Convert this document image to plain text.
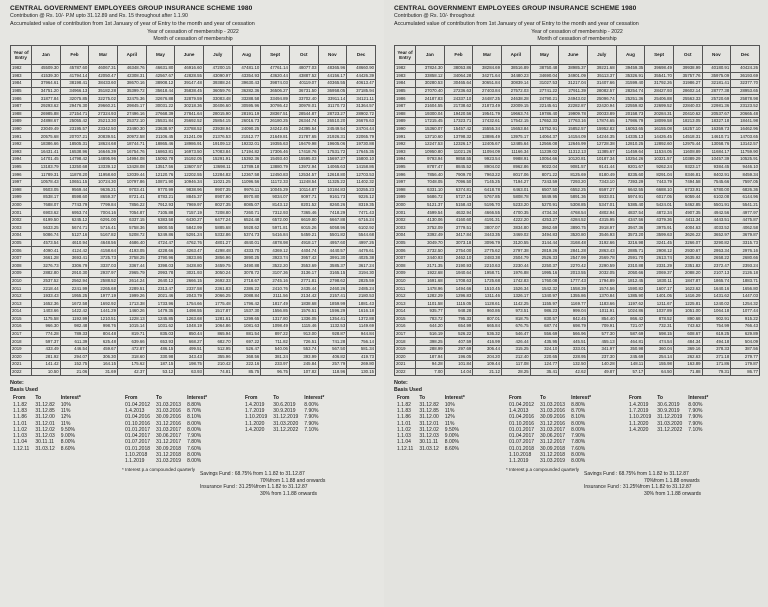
CENTRAL GOVERNMENT EMPLOYEES GROUP INSURANCE SCHEME 1980
Contribution @ Rs. 10/- P.M upto 31.12.89 and Rs. 15 throughout after 1.1.90
Accumulated value of contribution from 1st January of year of Entry to the month and year of cessation
Year of cessation of membership - 2022
Month of cessation of membership
Year of Entry	Jan	Feb	Mar	April	May	June	July	Aug	Sept	Oct	Nov	Dec
1982	45509.30	45787.60	46067.31	46348.76	46631.80	46916.60	47200.15	47481.10	47761.14	48077.03	48365.96	48660.90
1983	41539.30	41794.14	42050.47	42308.31	42567.67	42828.55	43090.97	43354.93	43620.44	43887.52	44156.17	44426.39
1984	37964.61	38198.41	38433.60	38670.16	38908.12	39147.48	39388.24	39630.43	39874.03	40119.07	40365.55	40613.47
1985	34751.20	34966.13	35182.28	35399.72	35618.44	35838.45	36059.76	36282.36	36506.27	36731.50	36958.05	37185.94
1986	31877.84	32075.85	32275.02	32475.36	32676.88	32879.59	33083.48	33288.58	33494.89	33702.40	33911.14	34121.11
1987	29293.62	29476.30	29660.21	29845.17	30031.22	30218.36	30406.60	30595.96	30786.42	30978.01	31170.72	31364.57
1988	26985.88	27154.71	27324.93	27496.16	27668.39	27841.64	28015.90	28191.19	28367.51	28544.87	28723.27	28902.72
1989	24898.67	25055.42	25213.30	25372.10	25531.84	25692.52	25854.15	26016.73	26180.25	26344.74	26510.20	26676.63
1990	23049.49	23195.57	23342.50	23490.30	23638.97	23788.52	23938.94	24090.25	24242.45	24395.54	24549.54	24704.44
1991	20575.68	20707.21	20839.51	20972.58	21106.45	21241.09	21376.53	21512.77	21649.81	21787.65	21926.31	22065.79
1992	18386.66	18505.31	18624.68	18744.71	18865.46	18986.91	19109.12	19232.01	19355.63	19479.98	19605.06	19730.88
1993	16431.41	16538.96	16646.39	16754.76	16863.81	16973.50	17083.84	17194.82	17306.46	17418.76	17531.72	17645.35
1994	14701.45	14798.42	14895.96	14994.08	15092.78	15192.05	15291.91	15392.36	15493.40	15595.03	15697.27	15800.10
1995	13183.79	13250.68	13339.12	13428.08	13517.56	13607.57	13698.11	13789.18	13880.79	13972.94	14065.63	14158.86
1996	11789.31	11878.20	11958.60	12039.44	12120.76	12202.55	12284.82	12367.58	12450.83	12534.57	12618.80	12703.53
1997	10578.43	10651.15	10724.30	10797.86	10871.90	10946.34	11021.25	11096.56	11172.33	11248.54	11325.22	11402.32
1998	9503.05	9569.44	9636.21	9703.41	9770.99	9838.96	9907.35	9976.11	10045.29	10114.87	10184.83	10255.23
1999	8538.17	8598.60	8659.37	8721.41	8783.21	8845.37	8907.90	8970.80	9034.07	9097.71	9161.73	9226.12
2000	7688.07	7743.79	7799.84	7856.22	7912.93	7969.97	8027.35	8085.07	8143.12	8201.52	8260.26	8319.35
2001	6903.62	6953.74	7004.16	7054.87	7105.88	7157.19	7208.80	7260.71	7312.93	7365.46	7418.29	7471.43
2002	6199.50	6245.12	6291.00	6337.15	6383.58	6430.27	6477.24	6524.48	6572.00	6619.80	6667.88	6716.24
2003	5633.25	5674.71	5716.41	5758.36	5800.55	5842.99	5885.68	5928.62	5971.81	6015.26	6058.96	6102.92
2004	5086.74	5127.16	5167.82	5208.72	5249.86	5291.24	5332.86	5374.73	5416.84	5459.21	5501.82	5544.68
2005	4573.54	4610.94	4648.56	4686.40	4724.47	4762.76	4801.27	4840.01	4878.98	4918.17	4957.60	4997.26
2006	4090.41	4124.42	4158.64	4193.05	4228.66	4263.47	4298.48	4333.70	4369.12	4404.74	4440.57	4476.61
2007	3661.28	3693.41	3725.73	3758.25	3790.96	3823.86	3856.96	3890.25	3923.74	3957.42	3991.30	4025.38
2008	3276.73	3306.79	3337.03	3367.44	3398.03	3428.80	3459.75	3490.88	3522.20	3553.69	3585.37	3617.24
2009	2882.80	2910.30	2937.97	2965.79	2993.78	3021.93	3050.24	3078.72	3107.36	3136.17	3165.15	3194.30
2010	2537.52	2562.94	2588.52	2614.24	2640.12	2666.15	2692.33	2718.67	2745.16	2771.81	2798.62	2825.59
2011	2218.44	2241.99	2265.68	2289.51	2313.47	2337.58	2361.83	2386.22	2410.76	2435.44	2460.26	2485.24
2012	1933.43	1955.25	1977.19	1999.26	2021.46	2043.79	2066.25	2088.84	2111.56	2134.42	2157.41	2180.53
2013	1652.36	1672.58	1692.92	1713.38	1733.96	1754.66	1775.48	1796.42	1817.49	1838.68	1859.99	1881.43
2014	1403.66	1422.42	1441.29	1460.26	1479.35	1498.55	1517.87	1537.30	1556.85	1576.51	1596.29	1616.18
2015	1175.58	1192.99	1210.51	1228.13	1245.85	1263.68	1281.61	1299.65	1317.80	1336.05	1354.41	1372.88
2016	966.30	982.48	998.76	1015.14	1031.62	1048.19	1064.86	1081.63	1098.49	1115.46	1132.53	1149.69
2017	774.28	789.33	804.48	819.71	835.03	850.44	865.94	881.54	897.22	913.00	928.87	944.84
2018	597.37	611.39	625.48	639.66	653.93	668.27	682.70	697.22	711.82	726.51	741.28	756.14
2019	433.49	446.54	459.67	472.87	486.15	499.51	512.95	526.47	540.06	553.74	567.50	581.34
2020	281.92	294.07	306.30	318.60	330.98	343.43	355.96	368.56	381.24	393.99	406.82	419.73
2021	141.42	152.75	164.15	175.62	187.15	198.75	210.42	222.16	233.97	245.84	257.79	269.80
2022	10.50	21.06	31.69	42.37	53.12	63.93	74.81	85.75	96.75	107.82	118.96	130.15
Note:
Basis Used
From	To	Interest*
1.1.82	31.12.82	10%
1.1.83	31.12.85	11%
1.1.86	31.12.00	12%
1.1.01	31.12.01	11%
1.1.02	31.12.02	9.50%
1.1.03	31.12.03	9.00%
1.1.04	30.11.11	8.00%
1.12.11	31.03.12	8.60%
From	To	Interest*
01.04.2012	31.03.2013	8.80%
1.4.2013	31.03.2016	8.70%
01.04.2016	30.09.2016	8.10%
01.10.2016	31.12.2016	8.00%
01.01.2017	31.03.2017	8.00%
01.04.2017	30.06.2017	7.90%
01.07.2017	31.12.2017	7.80%
01.01.2018	30.09.2018	7.60%
1.10.2018	31.12.2018	8.00%
1.1.2019	31.03.2019	8.00%
From	To	Interest*
1.4.2019	30.6.2019	8.00%
1.7.2019	30.9.2019	7.90%
1.10.2019	31.12.2019	7.90%
1.1.2020	31.03.2020	7.90%
1.4.2020	31.12.2022	7.10%
* Interest p.a compounded quarterly
Savings Fund : 68.75% from 1.1.82 to 31.12.87
70%from 1.1.88 and onwards
Insurance Fund : 31.25%from 1.1.82 to 31.12.87
30% from 1.1.88 onwards
CENTRAL GOVERNMENT EMPLOYEES GROUP INSURANCE SCHEME 1980
Contribution @ Rs. 10/- throughout
Accumulated value of contribution from 1st January of year of Entry to the month and year of cessation
Year of cessation of membership - 2022
Month of cessation of membership
Year of Entry	Jan	Feb	Mar	April	May	June	July	Aug	Sept	Oct	Nov	Dec
1982	37824.30	38053.86	38284.69	38516.89	38750.48	38985.37	39221.68	39459.35	39698.49	39938.99	40180.91	40424.26
1983	33858.12	34064.28	34271.64	34480.23	34690.04	34901.09	35113.37	35326.91	35541.70	35757.76	35975.09	36193.69
1984	30280.53	30465.64	30651.84	30839.14	31027.53	31217.04	31407.66	31599.40	31792.26	31986.27	32181.41	32377.70
1985	27070.40	27236.63	27403.84	27572.03	27741.22	27911.39	28082.57	28254.74	28427.93	28602.14	28777.38	28953.65
1986	24187.83	24337.10	24487.25	24638.28	24790.21	24943.02	25096.74	25251.36	25406.88	25563.33	25720.69	25878.98
1987	21604.55	21738.62	21873.49	22009.15	22145.61	22282.87	22420.94	22559.82	22699.52	22840.03	22981.36	23123.52
1988	19300.04	19420.56	19541.79	19663.74	19786.40	19909.78	20033.89	20158.73	20284.31	20410.62	20537.67	20665.48
1989	17215.45	17323.71	17432.61	17542.15	17652.33	17763.16	17874.65	17986.79	18099.58	18213.05	18327.18	18441.98
1990	15360.07	15457.42	15555.34	15653.84	15752.91	15852.57	15952.82	16053.65	16155.08	16257.10	16359.73	16462.96
1991	13710.60	13798.32	13886.49	13975.17	14064.37	14154.09	14244.35	14335.13	14426.45	14518.31	14610.71	14703.65
1992	12247.53	12326.17	12405.67	12485.64	12566.08	12646.99	12728.38	12810.25	12892.60	12975.44	13058.76	13142.57
1993	10950.80	11021.26	11094.09	11166.34	11239.02	11312.13	11385.67	11459.64	11534.05	11608.89	11684.17	11759.90
1994	9793.94	9858.55	9923.54	9988.91	10054.66	10120.81	10187.34	10254.26	10321.57	10389.29	10457.39	10525.91
1995	8787.47	8845.52	8904.02	8962.86	9022.04	9081.57	9141.44	9201.67	9262.24	9323.17	9384.45	9446.10
1996	7856.40	7909.70	7963.22	8017.06	8071.22	8125.69	8180.49	8235.60	8291.04	8346.81	8402.91	8459.34
1997	7048.05	7096.50	7145.25	7194.27	7243.59	7293.20	7343.10	7393.29	7443.79	7494.58	7545.66	7597.05
1998	6331.10	6374.81	6418.78	6463.01	6507.50	6552.25	6597.27	6642.55	6688.10	6733.91	6780.00	6826.36
1999	5686.72	5727.16	5767.85	5808.78	5849.95	5891.36	5933.01	5974.91	6017.05	6059.44	6102.08	6144.96
2000	5121.37	5158.43	5195.70	5233.20	5270.91	5308.85	5347.01	5385.40	5424.01	5462.85	5501.91	5541.21
2001	4599.54	4632.94	4666.55	4700.35	4734.34	4768.54	4802.94	4837.54	4872.34	4907.35	4942.56	4977.97
2002	4130.06	4160.60	4191.31	4222.20	4253.27	4284.52	4315.95	4347.56	4379.36	4411.34	4443.51	4475.87
2003	3752.09	3779.51	3807.07	3834.80	3862.69	3890.75	3918.97	3947.36	3975.91	4004.63	4033.52	4062.58
2004	3392.49	3417.84	3443.35	3469.02	3494.83	3520.80	3546.93	3573.20	3599.63	3626.22	3652.97	3679.87
2005	3049.70	3073.18	3096.79	3120.55	3144.44	3168.48	3192.66	3216.98	3241.45	3266.07	3290.82	3315.73
2006	2732.50	2754.00	2775.62	2797.38	2819.26	2841.28	2863.43	2885.71	2908.12	2930.67	2953.34	2976.16
2007	2440.93	2462.10	2483.38	2504.79	2526.33	2547.99	2569.78	2591.70	2613.74	2635.92	2658.22	2680.66
2008	2171.35	2190.93	2210.63	2230.44	2250.37	2270.42	2290.59	2310.88	2331.29	2351.82	2372.47	2393.24
2009	1922.68	1940.64	1958.71	1976.88	1995.16	2013.55	2032.05	2050.66	2069.37	2088.20	2107.13	2126.18
2010	1691.68	1708.63	1725.68	1742.83	1760.08	1777.43	1794.89	1812.45	1830.11	1847.87	1865.74	1883.71
2011	1478.96	1494.66	1510.45	1526.34	1542.32	1558.39	1574.56	1590.82	1607.17	1623.62	1640.16	1656.80
2012	1282.29	1296.83	1311.46	1326.17	1340.97	1355.86	1370.84	1385.90	1401.05	1416.29	1431.62	1447.03
2013	1101.58	1115.05	1128.61	1142.25	1155.97	1169.77	1183.66	1197.62	1211.67	1225.81	1240.02	1254.32
2014	935.77	948.28	960.86	973.51	986.23	999.04	1011.91	1024.86	1037.89	1051.00	1064.18	1077.44
2015	783.72	795.33	807.01	818.75	830.57	842.45	854.40	866.42	878.52	890.68	902.91	915.22
2016	644.20	654.99	665.84	676.75	687.74	698.79	709.91	721.07	732.31	743.62	754.99	766.43
2017	516.19	526.22	536.32	546.47	556.69	566.96	577.30	587.69	598.15	608.67	619.25	629.89
2018	398.25	407.59	416.99	426.44	435.95	445.51	455.13	464.81	474.54	484.34	494.18	504.09
2019	288.99	297.69	306.44	315.25	324.10	333.01	341.97	350.98	360.04	369.16	378.33	387.56
2020	187.94	196.05	204.20	212.40	220.65	228.95	237.30	245.69	254.14	262.63	271.18	279.77
2021	94.28	101.84	109.44	117.08	124.77	132.50	140.28	148.11	155.98	163.89	171.86	179.87
2022	7.00	14.04	21.12	28.25	35.41	42.62	49.87	57.17	64.50	71.88	79.31	86.77
Note:
Basis Used
From	To	Interest*
1.1.82	31.12.82	10%
1.1.83	31.12.85	11%
1.1.86	31.12.00	12%
1.1.01	31.12.01	11%
1.1.02	31.12.02	9.50%
1.1.03	31.12.03	9.00%
1.1.04	30.11.11	8.00%
1.12.11	31.03.12	8.60%
From	To	Interest*
01.04.2012	31.03.2013	8.80%
1.4.2013	31.03.2016	8.70%
01.04.2016	30.09.2016	8.10%
01.10.2016	31.12.2016	8.00%
01.01.2017	31.03.2017	8.00%
01.04.2017	30.06.2017	7.90%
01.07.2017	31.12.2017	7.80%
01.01.2018	30.09.2018	7.60%
1.10.2018	31.12.2018	8.00%
1.1.2019	31.03.2019	8.00%
From	To	Interest*
1.4.2019	30.6.2019	8.00%
1.7.2019	30.9.2019	7.90%
1.10.2019	31.12.2019	7.90%
1.1.2020	31.03.2020	7.90%
1.4.2020	31.12.2022	7.10%
* Interest p.a compounded quarterly
Savings Fund : 68.75% from 1.1.82 to 31.12.87
70%from 1.1.88 onwards
Insurance Fund : 31.25%from 1.1.82 to 31.12.87
30% from 1.1.88 onwards
